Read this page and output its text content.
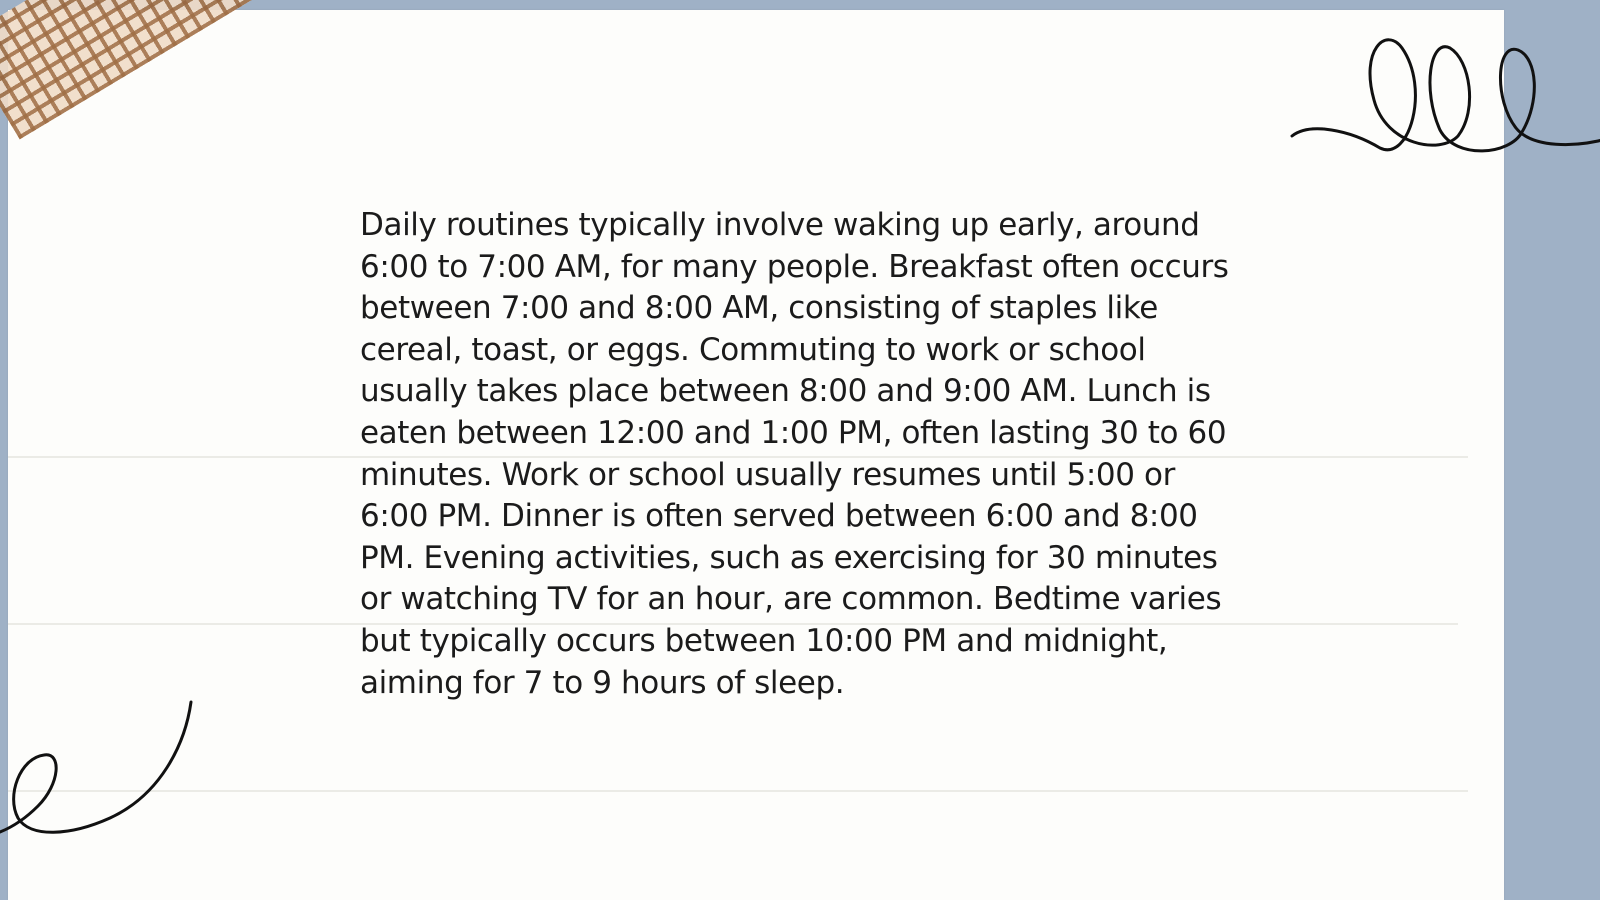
Daily routines typically involve waking up early, around 6:00 to 7:00 AM, for many people. Breakfast often occurs between 7:00 and 8:00 AM, consisting of staples like cereal, toast, or eggs. Commuting to work or school usually takes place between 8:00 and 9:00 AM. Lunch is eaten between 12:00 and 1:00 PM, often lasting 30 to 60 minutes. Work or school usually resumes until 5:00 or 6:00 PM. Dinner is often served between 6:00 and 8:00 PM. Evening activities, such as exercising for 30 minutes or watching TV for an hour, are common. Bedtime varies but typically occurs between 10:00 PM and midnight, aiming for 7 to 9 hours of sleep.
